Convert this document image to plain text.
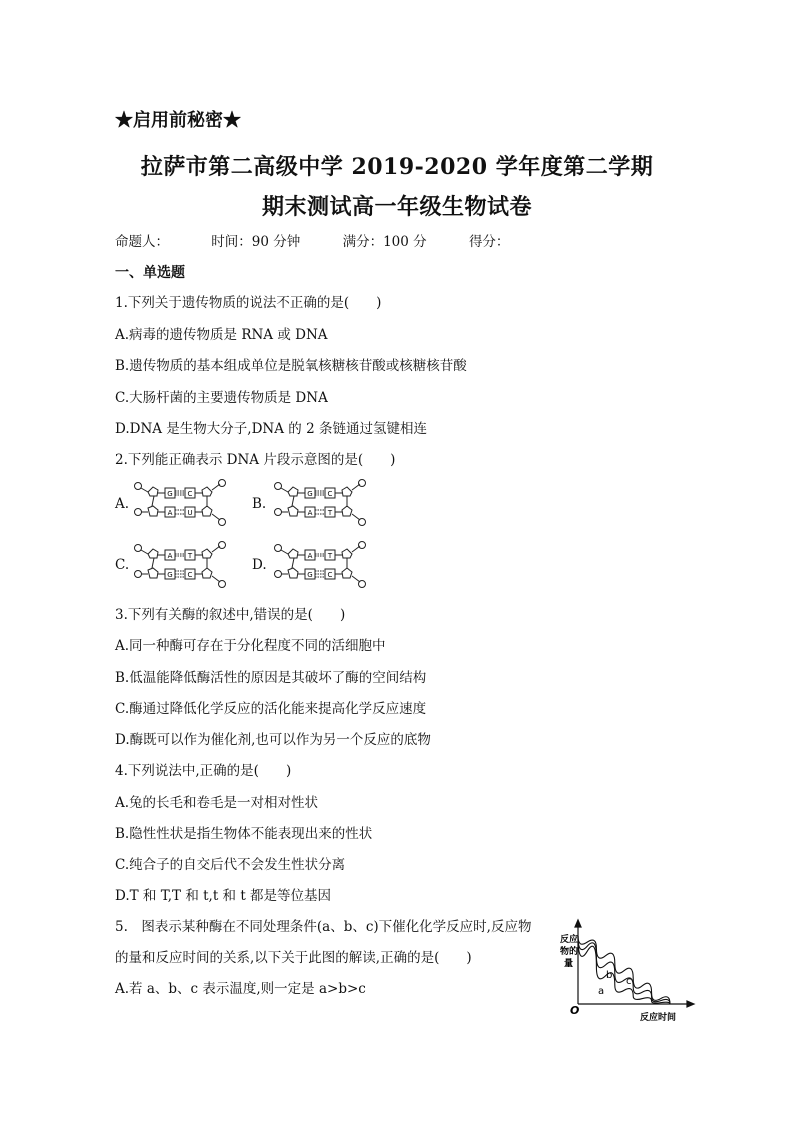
★启用前秘密★
拉萨市第二高级中学 2019-2020 学年度第二学期
期末测试高一年级生物试卷
命题人：	时间：90 分钟	满分：100 分	得分：
一、单选题
1.下列关于遗传物质的说法不正确的是(　　)
A.病毒的遗传物质是 RNA 或 DNA
B.遗传物质的基本组成单位是脱氧核糖核苷酸或核糖核苷酸
C.大肠杆菌的主要遗传物质是 DNA
D.DNA 是生物大分子,DNA 的 2 条链通过氢键相连
2.下列能正确表示 DNA 片段示意图的是(　　)
A.	B.
C.	D.
G C
A U
G C
A T
A T
G C
A T
G C
3.下列有关酶的叙述中,错误的是(　　)
A.同一种酶可存在于分化程度不同的活细胞中
B.低温能降低酶活性的原因是其破坏了酶的空间结构
C.酶通过降低化学反应的活化能来提高化学反应速度
D.酶既可以作为催化剂,也可以作为另一个反应的底物
4.下列说法中,正确的是(　　)
A.兔的长毛和卷毛是一对相对性状
B.隐性性状是指生物体不能表现出来的性状
C.纯合子的自交后代不会发生性状分离
D.T 和 T,T 和 t,t 和 t 都是等位基因
5.　图表示某种酶在不同处理条件(a、b、c)下催化化学反应时,反应物
的量和反应时间的关系,以下关于此图的解读,正确的是(　　)
A.若 a、b、c 表示温度,则一定是 a>b>c
反应
物的
量
O
反应时间
a
b
c
